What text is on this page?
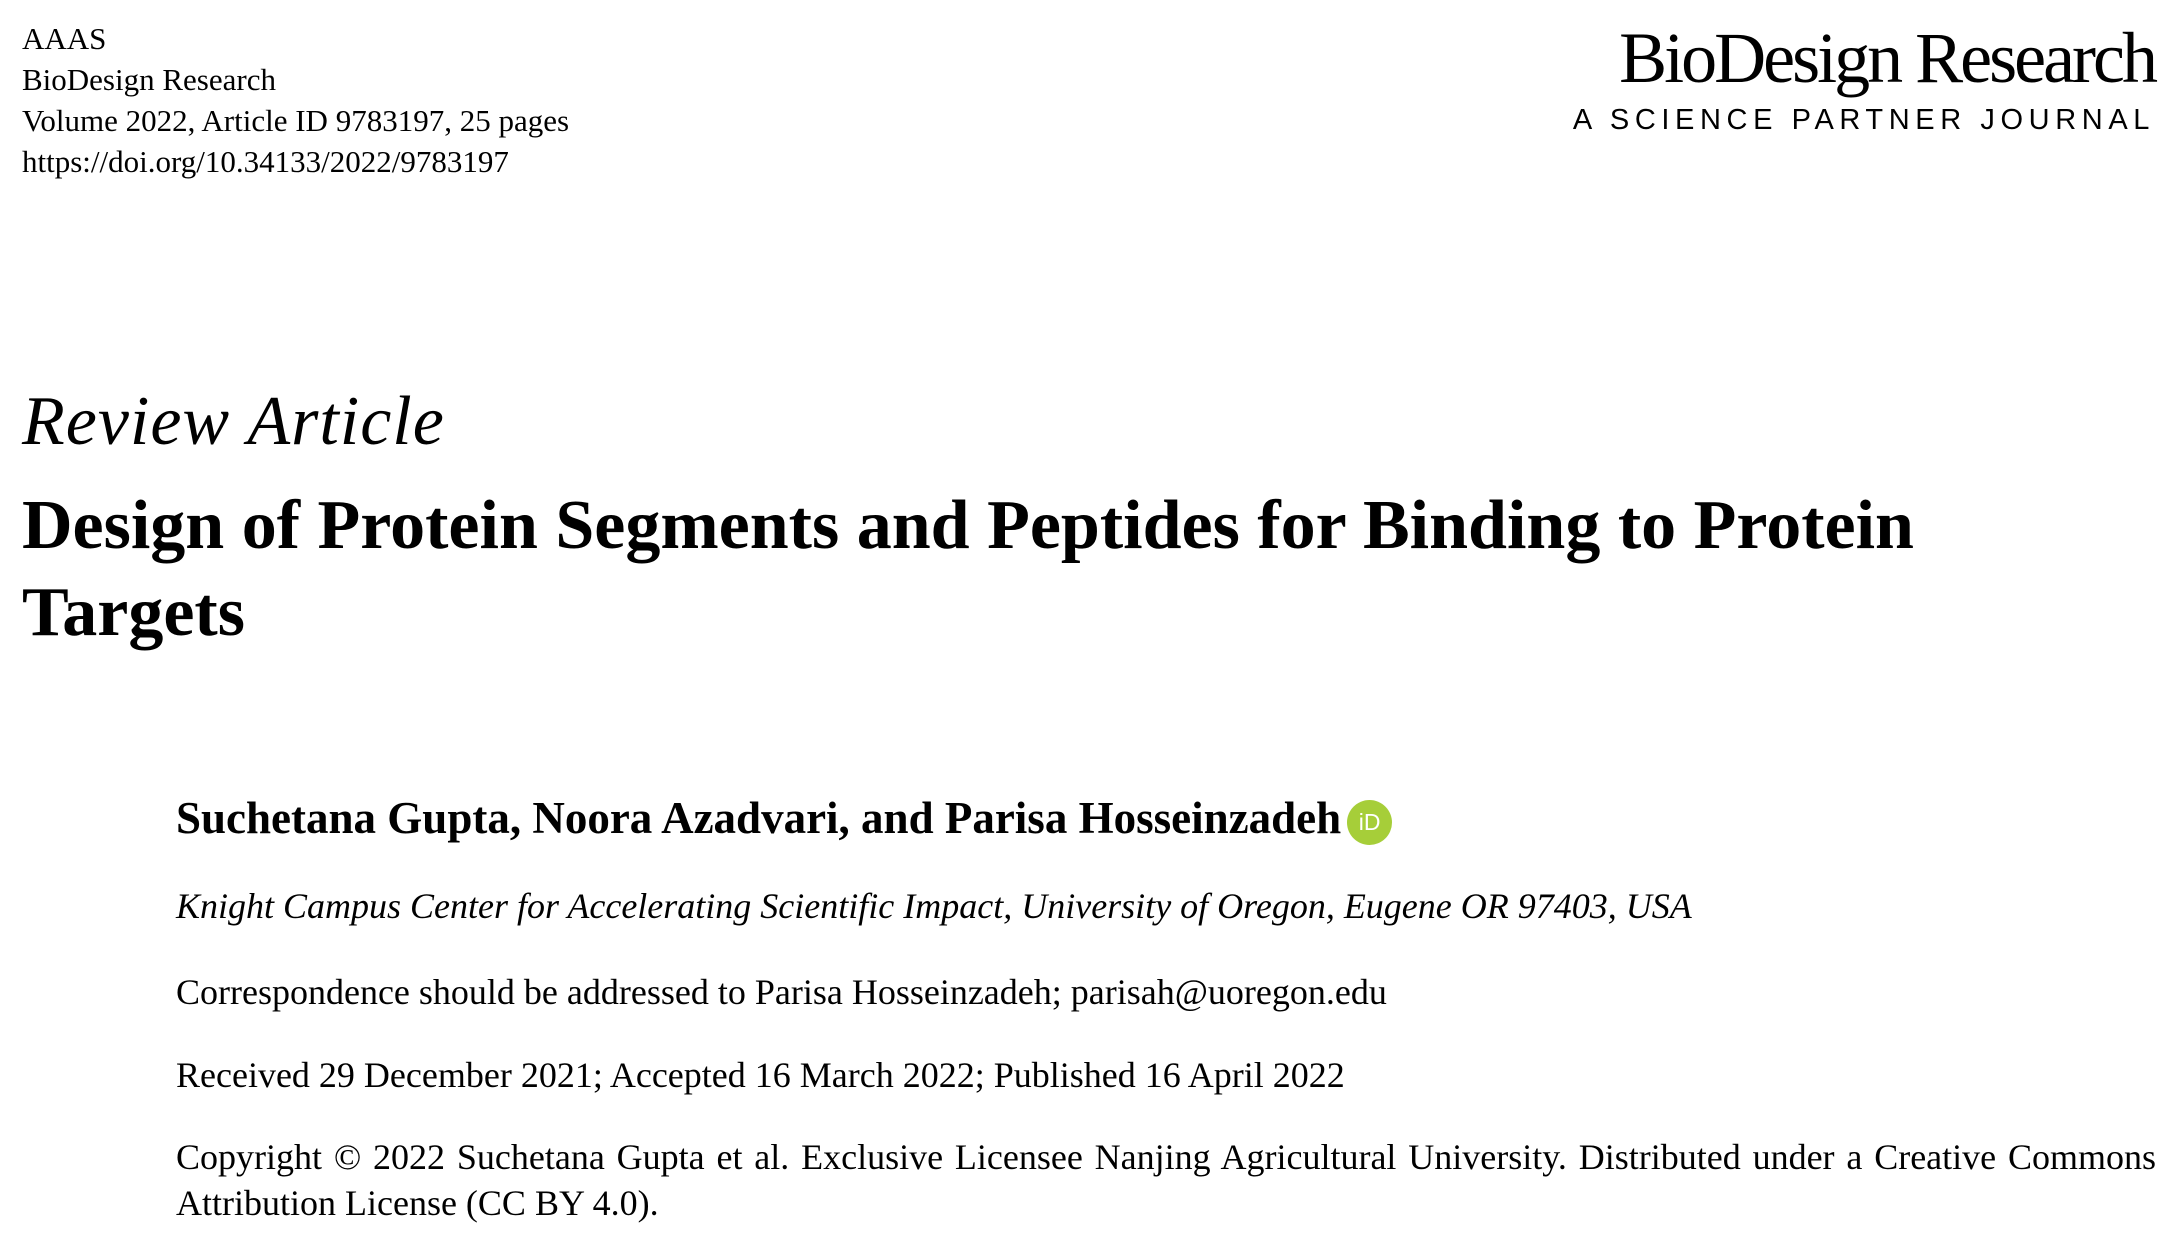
AAAS
BioDesign Research
Volume 2022, Article ID 9783197, 25 pages
https://doi.org/10.34133/2022/9783197
BioDesign Research
A SCIENCE PARTNER JOURNAL
Review Article
Design of Protein Segments and Peptides for Binding to Protein Targets
Suchetana Gupta, Noora Azadvari, and Parisa Hosseinzadeh iD
Knight Campus Center for Accelerating Scientific Impact, University of Oregon, Eugene OR 97403, USA
Correspondence should be addressed to Parisa Hosseinzadeh; parisah@uoregon.edu
Received 29 December 2021; Accepted 16 March 2022; Published 16 April 2022
Copyright © 2022 Suchetana Gupta et al. Exclusive Licensee Nanjing Agricultural University. Distributed under a Creative Commons Attribution License (CC BY 4.0).
